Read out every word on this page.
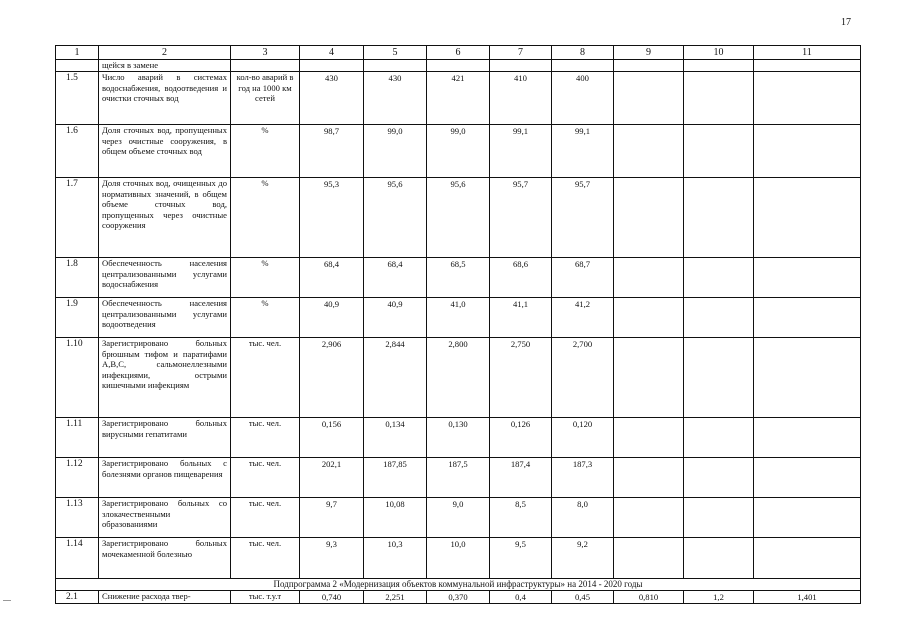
17
1	2	3	4	5	6	7	8	9	10	11
	щейся в замене									
1.5	Число аварий в системах водоснабжения, водоотведения и очистки сточных вод	кол-во аварий в год на 1000 км сетей	430	430	421	410	400			
1.6	Доля сточных вод, пропущенных через очистные сооружения, в общем объеме сточных вод	%	98,7	99,0	99,0	99,1	99,1			
1.7	Доля сточных вод, очищенных до нормативных значений, в общем объеме сточных вод, пропущенных через очистные сооружения	%	95,3	95,6	95,6	95,7	95,7			
1.8	Обеспеченность населения централизованными услугами водоснабжения	%	68,4	68,4	68,5	68,6	68,7			
1.9	Обеспеченность населения централизованными услугами водоотведения	%	40,9	40,9	41,0	41,1	41,2			
1.10	Зарегистрировано больных брюшным тифом и паратифами А,В,С, сальмонеллезными инфекциями, острыми кишечными инфекциям	тыс. чел.	2,906	2,844	2,800	2,750	2,700			
1.11	Зарегистрировано больных вирусными гепатитами	тыс. чел.	0,156	0,134	0,130	0,126	0,120			
1.12	Зарегистрировано больных с болезнями органов пищеварения	тыс. чел.	202,1	187,85	187,5	187,4	187,3			
1.13	Зарегистрировано больных со злокачественными образованиями	тыс. чел.	9,7	10,08	9,0	8,5	8,0			
1.14	Зарегистрировано больных мочекаменной болезнью	тыс. чел.	9,3	10,3	10,0	9,5	9,2			
Подпрограмма 2 «Модернизация объектов коммунальной инфраструктуры» на 2014 - 2020 годы										
2.1	Снижение расхода твер-	тыс. т.у.т	0,740	2,251	0,370	0,4	0,45	0,810	1,2	1,401
